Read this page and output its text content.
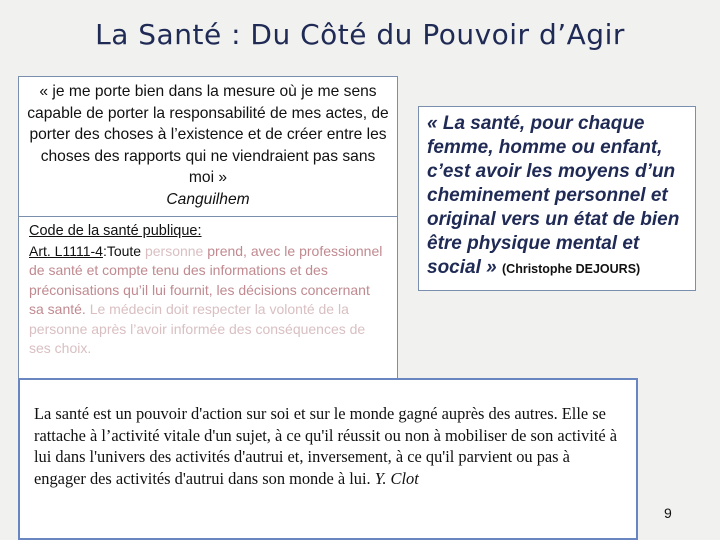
La Santé : Du Côté du Pouvoir d’Agir
« je me porte bien dans la mesure où je me sens capable de porter la responsabilité de mes actes, de porter des choses à l’existence et de créer entre les choses des rapports qui ne viendraient pas sans moi »
Canguilhem
Code de la santé publique:
Art. L1111-4:Toute personne prend, avec le professionnel de santé et compte tenu des informations et des préconisations qu’il lui fournit, les décisions concernant sa santé. Le médecin doit respecter la volonté de la personne après l’avoir informée des conséquences de ses choix.
« La santé, pour chaque femme, homme ou enfant, c’est avoir les moyens d’un cheminement personnel et original vers un état de bien être physique mental et social » (Christophe DEJOURS)
La santé est un pouvoir d'action sur soi et sur le monde gagné auprès des autres. Elle se rattache à l’activité vitale d'un sujet, à ce qu'il réussit ou non à mobiliser de son activité à lui dans l'univers des activités d'autrui et, inversement, à ce qu'il parvient ou pas à engager des activités d'autrui dans son monde à lui. Y. Clot
9
